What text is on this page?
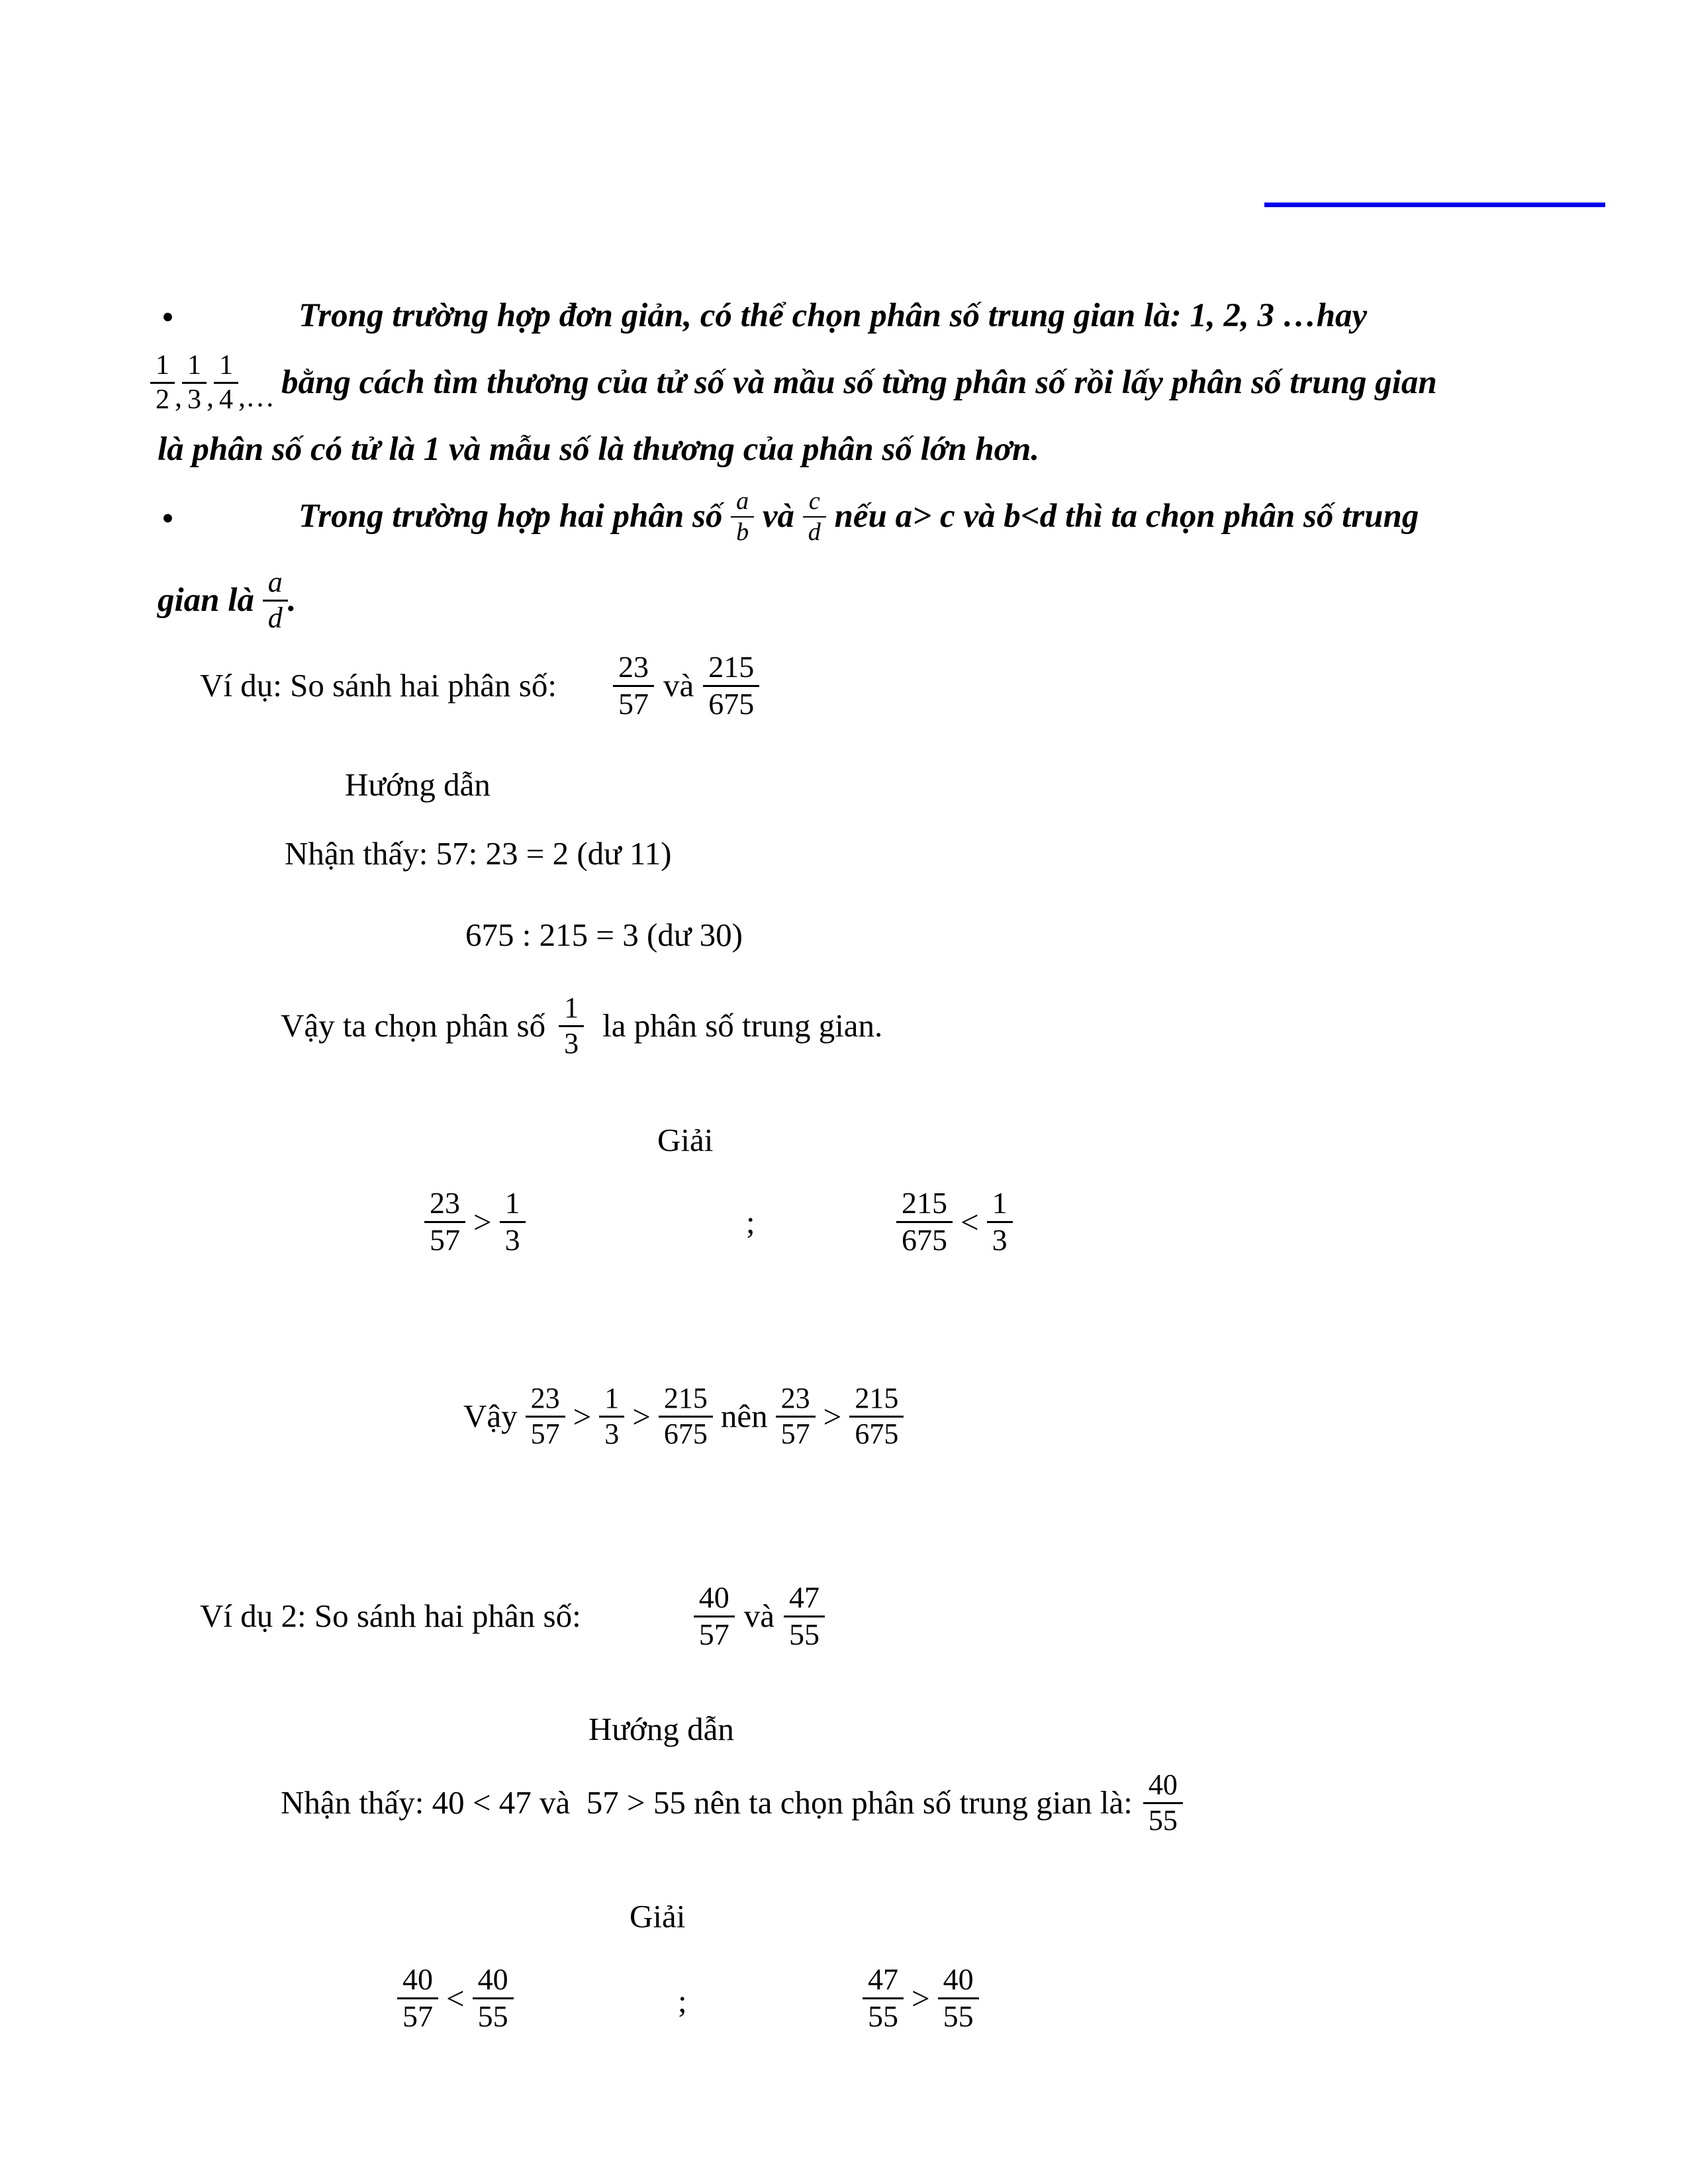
•	Trong trường hợp đơn giản, có thể chọn phân số trung gian là: 1, 2, 3 …hay
$\frac{1}{2}$ , $\frac{1}{3}$ , $\frac{1}{4}$ ,… bằng cách tìm thương của tử số và mầu số từng phân số rồi lấy phân số trung gian
là phân số có tử là 1 và mẫu số là thương của phân số lớn hơn.
•	Trong trường hợp hai phân số $\frac{a}{b}$ và $\frac{c}{d}$ nếu a> c và b<d thì ta chọn phân số trung
gian là $\frac{a}{d}$ .
Ví dụ: So sánh hai phân số: $\frac{23}{57}$ và $\frac{215}{675}$
Hướng dẫn
Nhận thấy: 57: 23 = 2 (dư 11)
675 : 215 = 3 (dư 30)
Vậy ta chọn phân số $\frac{1}{3}$ la phân số trung gian.
Giải
$\frac{23}{57} > \frac{1}{3}$	;	$\frac{215}{675} < \frac{1}{3}$
Vậy $\frac{23}{57} > \frac{1}{3} > \frac{215}{675}$ nên $\frac{23}{57} > \frac{215}{675}$
Ví dụ 2: So sánh hai phân số:	$\frac{40}{57}$ và $\frac{47}{55}$
Hướng dẫn
Nhận thấy: 40 < 47 và  57 > 55 nên ta chọn phân số trung gian là: $\frac{40}{55}$
Giải
$\frac{40}{57} < \frac{40}{55}$	;	$\frac{47}{55} > \frac{40}{55}$
